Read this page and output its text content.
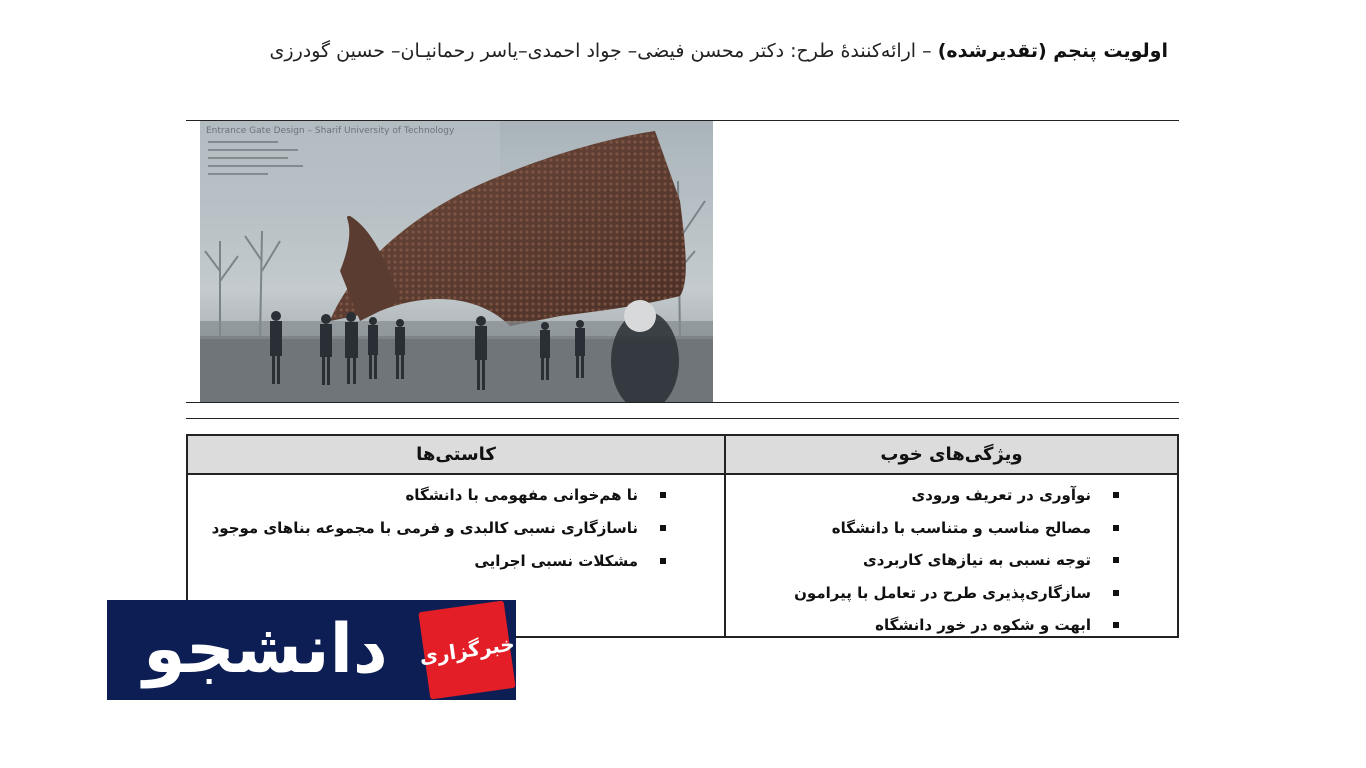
اولویت پنجم (تقدیرشده) – ارائه‌کنندهٔ طرح: دکتر محسن فیضی– جواد احمدی–یاسر رحمانیـان– حسین گودرزی
Entrance Gate Design – Sharif University of Technology
ویژگی‌های خوب
نوآوری در تعریف ورودی
مصالح مناسب و متناسب با دانشگاه
توجه نسبی به نیازهای کاربردی
سازگاری‌پذیری طرح در تعامل با پیرامون
ابهت و شکوه در خور دانشگاه
کاستی‌ها
نا هم‌خوانی مفهومی با دانشگاه
ناسازگاری نسبی کالبدی و فرمی با مجموعه بناهای موجود
مشکلات نسبی اجرایی
دانشجو	خبرگزاری
